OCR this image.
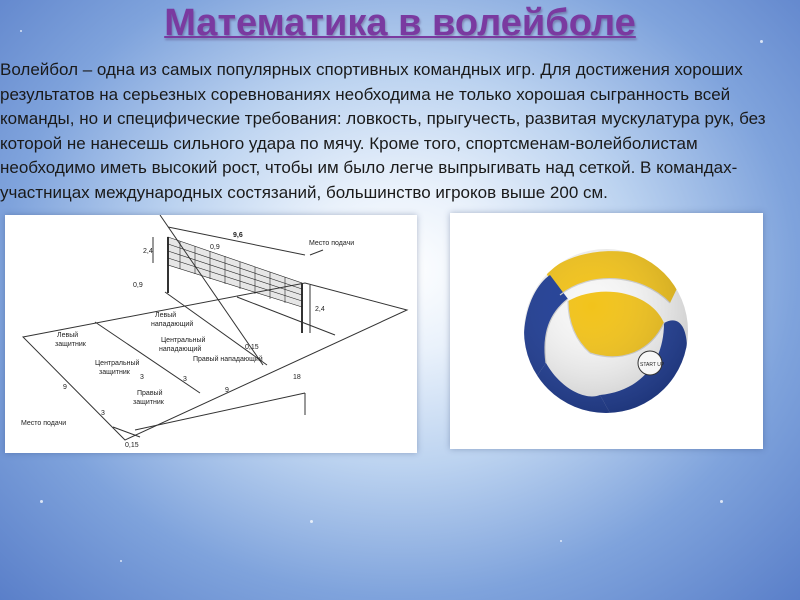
Математика в волейболе
Волейбол – одна из самых популярных спортивных командных игр. Для достижения хороших результатов на серьезных соревнованиях необходима не только хорошая сыгранность всей команды, но и специфические требования: ловкость, прыгучесть, развитая мускулатура рук, без которой не нанесешь сильного удара по мячу. Кроме того, спортсменам-волейболистам необходимо иметь высокий рост, чтобы им было легче выпрыгивать над сеткой. В командах-участницах международных состязаний, большинство игроков выше 200 см.
2,4
9,6
0,9
0,9
2,4
0,15
0,15
3
3	3
9	9
18
Место подачи
Место подачи
Левый
защитник
Левый
нападающий
Центральный
нападающий
Правый нападающий
Центральный
защитник
Правый
защитник
START UP
